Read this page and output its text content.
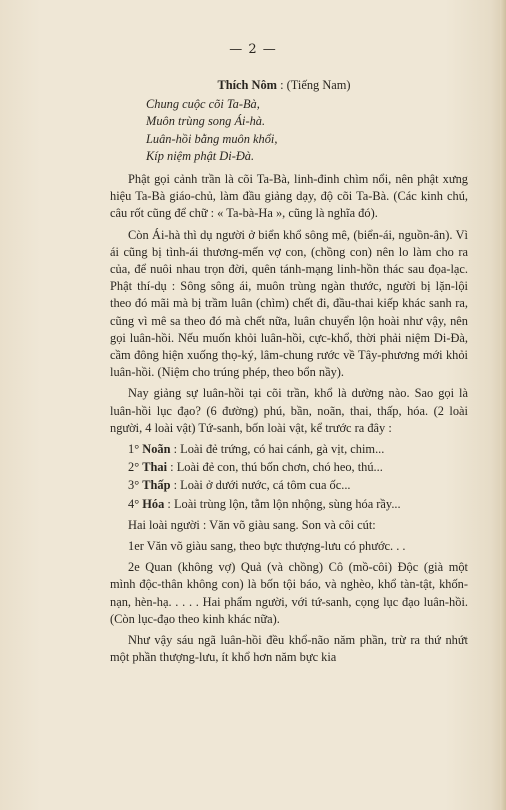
— 2 —
Thích Nôm : (Tiếng Nam)
Chung cuộc cõi Ta-Bà,
Muôn trùng song Ái-hà.
Luân-hồi bằng muôn khổi,
Kíp niệm phật Di-Đà.

Phật gọi cảnh trần là cõi Ta-Bà, linh-đinh chìm nổi, nên phật xưng hiệu Ta-Bà giáo-chủ, làm đầu giảng dạy, độ cõi Ta-Bà. (Các kinh chú, câu rốt cũng để chữ : « Ta-bà-Ha », cũng là nghĩa đó).

Còn Ái-hà thì dụ người ở biển khổ sông mê, (biển-ái, nguồn-ân). Vì ái cũng bị tình-ái thương-mến vợ con, (chồng con) nên lo làm cho ra của, để nuôi nhau trọn đời, quên tánh-mạng linh-hồn thác sau đọa-lạc. Phật thí-dụ : Sông sông ái, muôn trùng ngàn thước, người bị lặn-lội theo đó mãi mà bị trầm luân (chìm) chết đi, đầu-thai kiếp khác sanh ra, cũng vì mê sa theo đó mà chết nữa, luân chuyển lộn hoài như vậy, nên gọi luân-hồi. Nếu muốn khỏi luân-hồi, cực-khổ, thời phải niệm Di-Đà, cầm đông hiện xuống thọ-ký, lâm-chung rước về Tây-phương mới khỏi luân-hồi. (Niệm cho trúng phép, theo bổn nầy).

Nay giảng sự luân-hồi tại cõi trần, khổ là dường nào. Sao gọi là luân-hồi lục đạo? (6 đường) phú, bần, noãn, thai, thấp, hóa. (2 loài người, 4 loài vật) Tứ-sanh, bốn loài vật, kể trước ra đây :

1° Noãn : Loài đẻ trứng, có hai cánh, gà vịt, chim...
2° Thai : Loài đẻ con, thú bốn chơn, chó heo, thú...
3° Thấp : Loài ở dưới nước, cá tôm cua ốc...
4° Hóa : Loài trùng lộn, tằm lộn nhộng, sùng hóa rầy...

Hai loài người : Văn võ giàu sang. Son và côi cút:

1er Văn võ giàu sang, theo bực thượng-lưu có phước. . .

2e Quan (không vợ) Quả (và chồng) Cô (mồ-côi) Độc (già một mình độc-thân không con) là bốn tội báo, và nghèo, khổ tàn-tật, khốn-nạn, hèn-hạ. . . . . Hai phẩm người, với tứ-sanh, cọng lục đạo luân-hồi. (Còn lục-đạo theo kinh khác nữa).

Như vậy sáu ngã luân-hồi đều khổ-não năm phần, trừ ra thứ nhứt một phần thượng-lưu, ít khổ hơn năm bực kia
